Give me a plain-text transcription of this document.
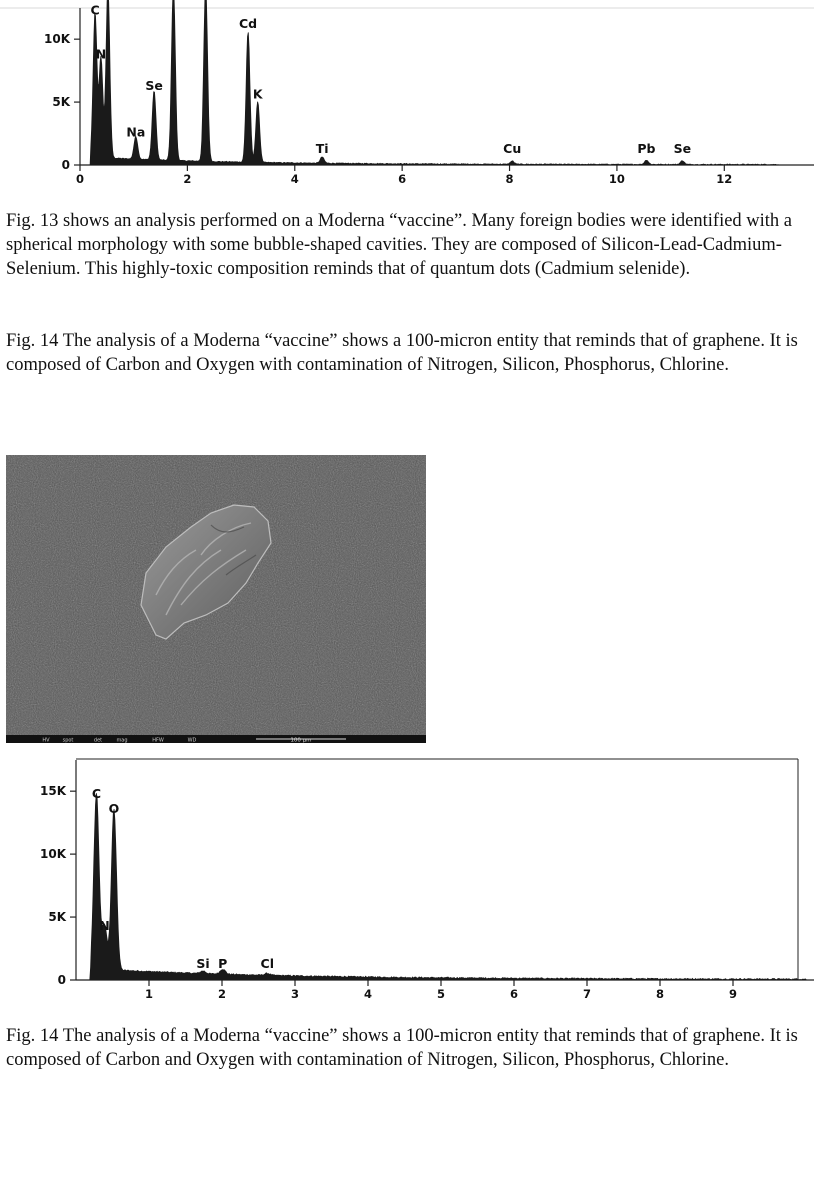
0
5K
10K
0	2	4	6	8	10	12
C
N
Na
Se
Cd
K
Ti	Cu	Pb Se

Fig. 13 shows an analysis performed on a Moderna “vaccine”. Many foreign bodies were identified with a spherical morphology with some bubble-shaped cavities. They are composed of Silicon-Lead-Cadmium-Selenium. This highly-toxic composition reminds that of quantum dots (Cadmium selenide).

Fig. 14 The analysis of a Moderna “vaccine” shows a 100-micron entity that reminds that of graphene. It is composed of Carbon and Oxygen with contamination of Nitrogen, Silicon, Phosphorus, Chlorine.

HV	spot	det	mag	HFW	WD	100 µm
0
5K
10K
15K
1	2	3	4	5	6	7	8	9
C
N
O
Si P	Cl

Fig. 14 The analysis of a Moderna “vaccine” shows a 100-micron entity that reminds that of graphene. It is composed of Carbon and Oxygen with contamination of Nitrogen, Silicon, Phosphorus, Chlorine.
